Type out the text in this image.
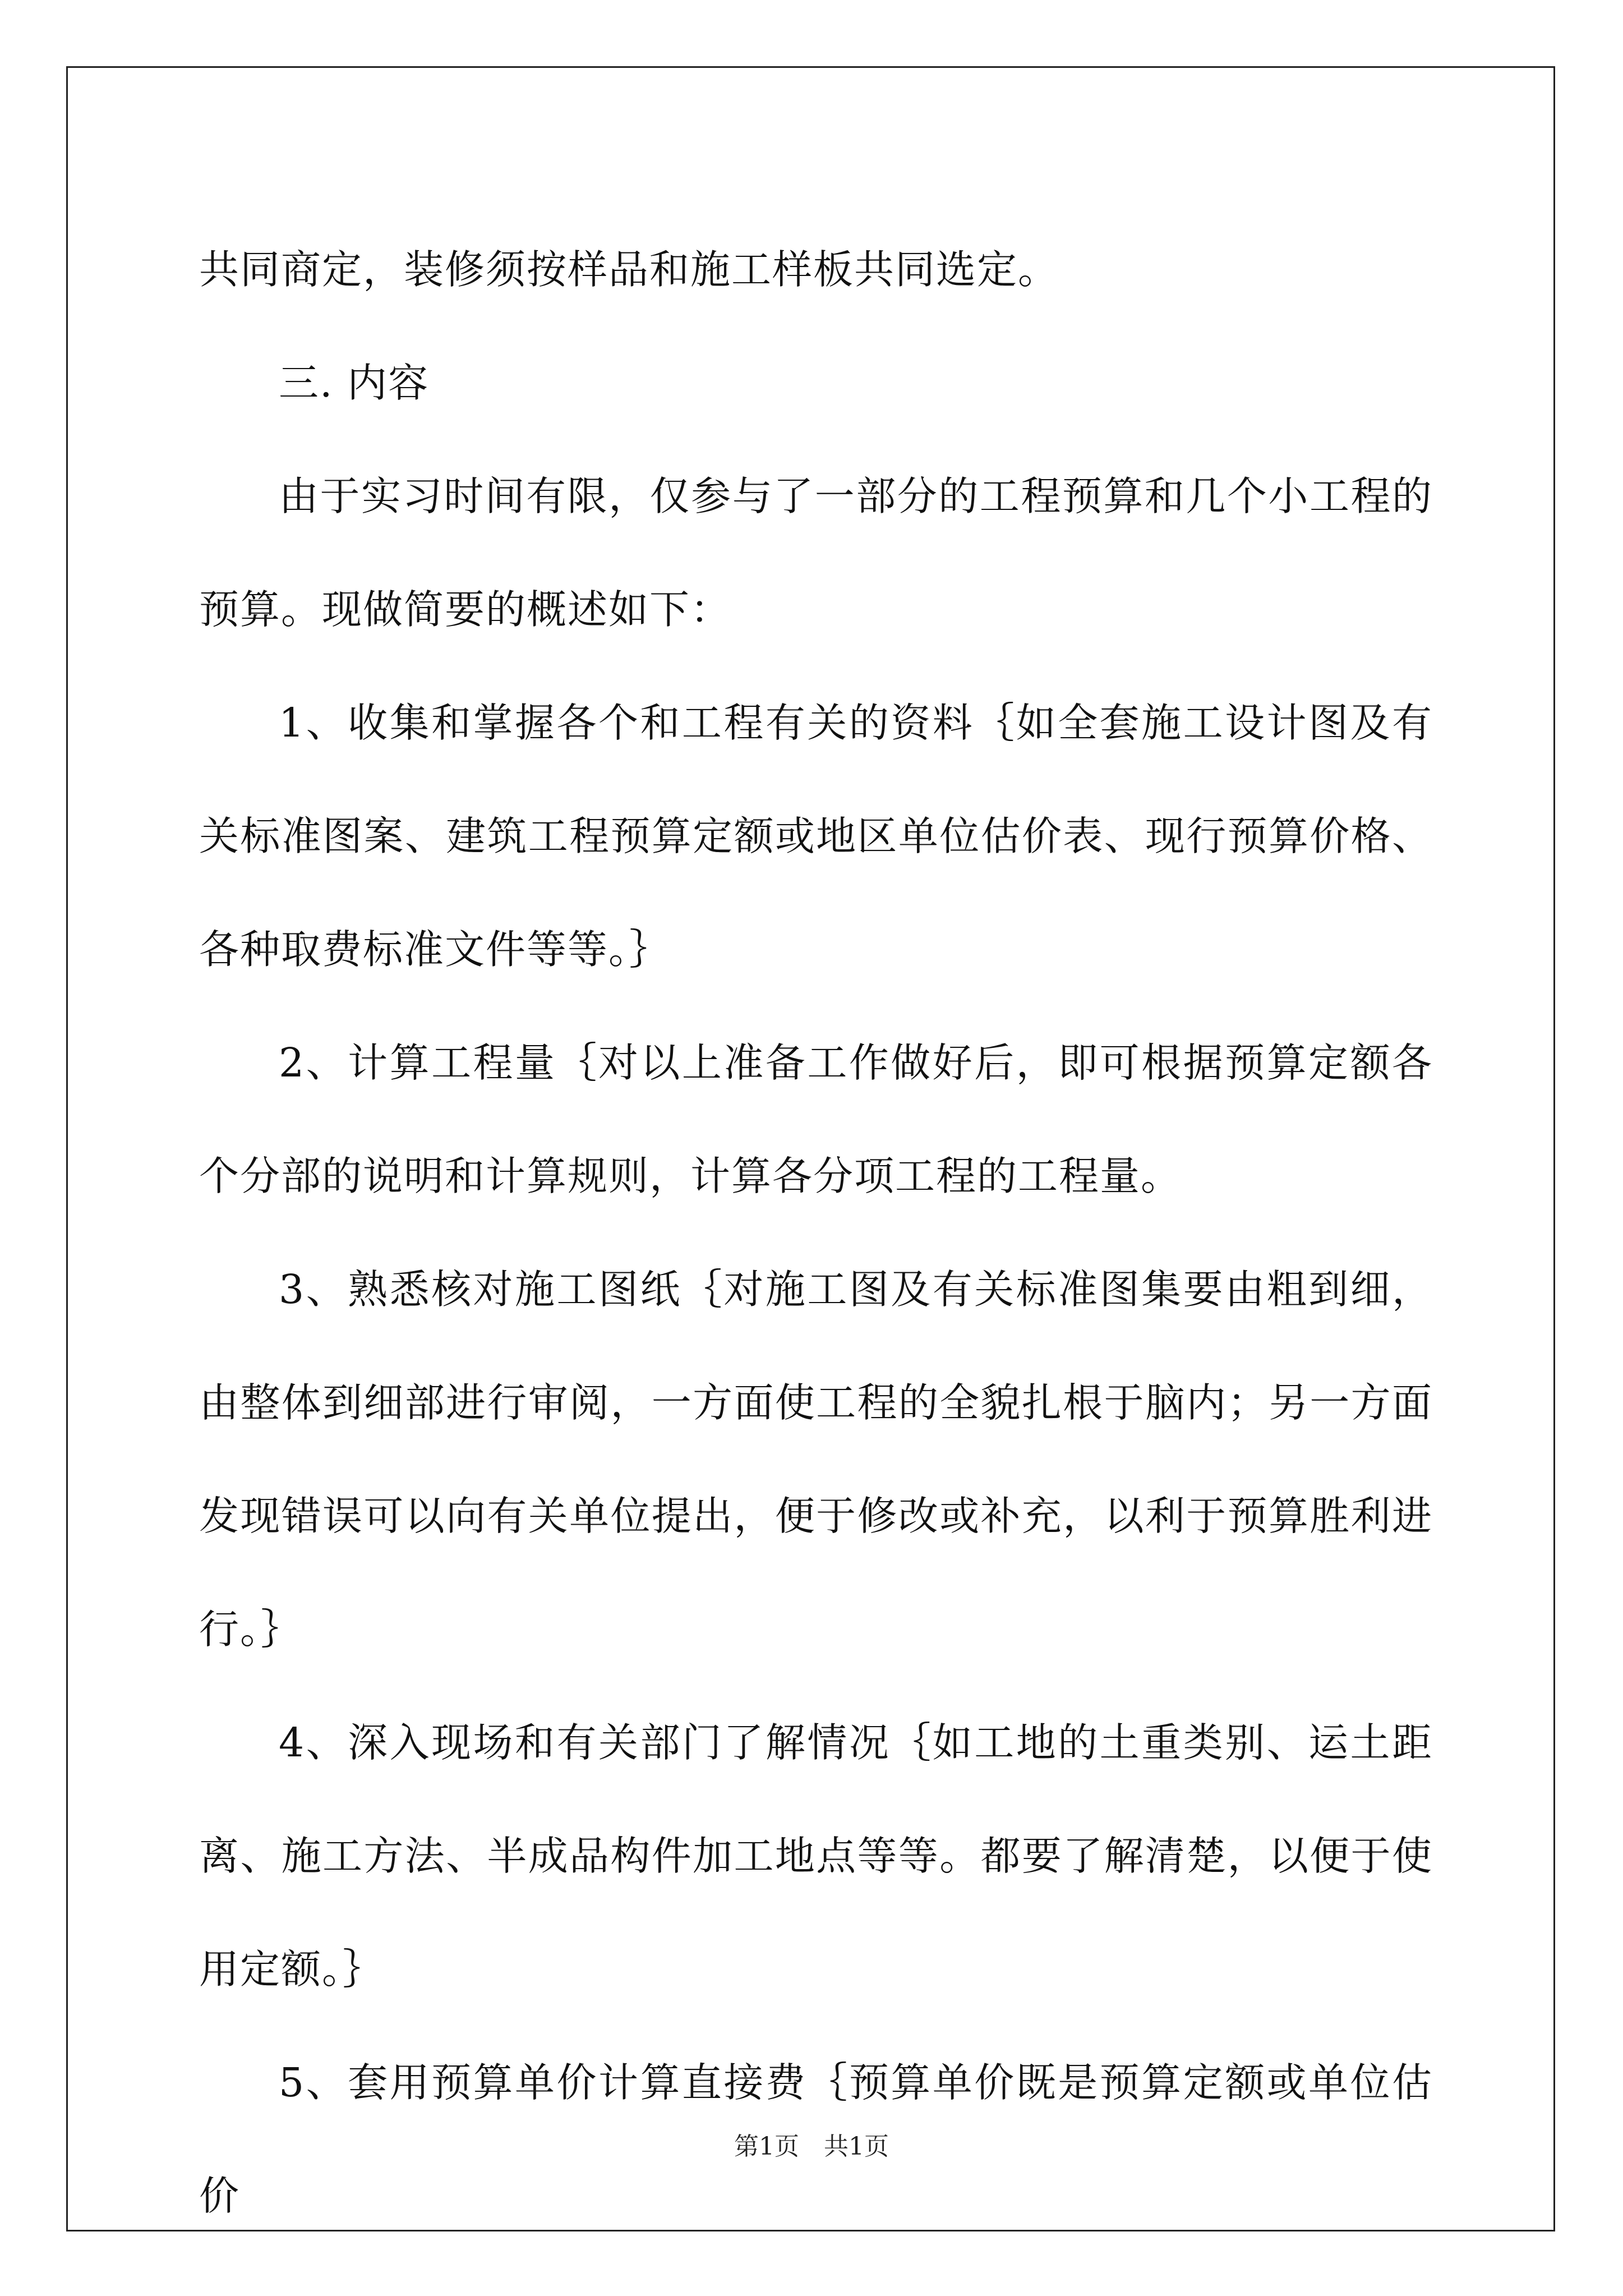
共同商定，装修须按样品和施工样板共同选定。

三. 内容

由于实习时间有限，仅参与了一部分的工程预算和几个小工程的预算。现做简要的概述如下：

1、收集和掌握各个和工程有关的资料｛如全套施工设计图及有关标准图案、建筑工程预算定额或地区单位估价表、现行预算价格、各种取费标准文件等等。｝

2、计算工程量｛对以上准备工作做好后，即可根据预算定额各个分部的说明和计算规则，计算各分项工程的工程量。

3、熟悉核对施工图纸｛对施工图及有关标准图集要由粗到细，由整体到细部进行审阅，一方面使工程的全貌扎根于脑内；另一方面发现错误可以向有关单位提出，便于修改或补充，以利于预算胜利进行。｝

4、深入现场和有关部门了解情况｛如工地的土重类别、运土距离、施工方法、半成品构件加工地点等等。都要了解清楚，以便于使用定额。｝

5、套用预算单价计算直接费｛预算单价既是预算定额或单位估价

第1页　共1页
